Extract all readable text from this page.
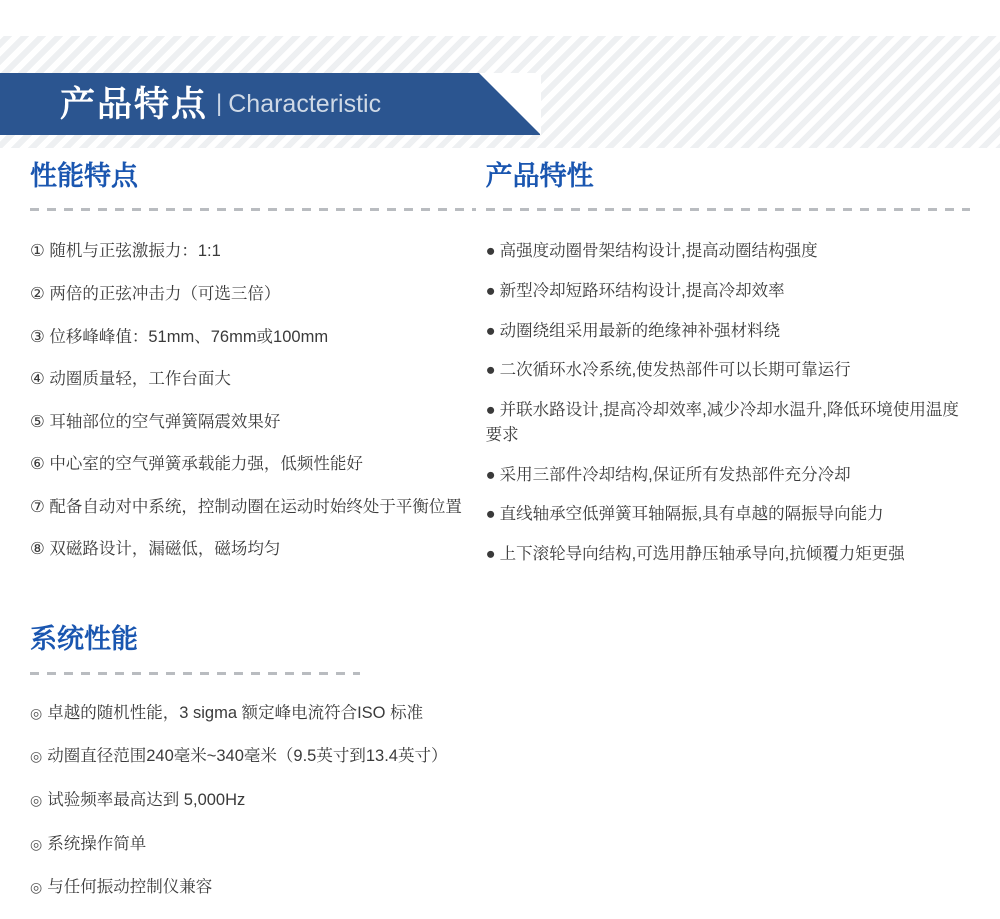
产品特点 | Characteristic
性能特点
① 随机与正弦激振力：1:1
② 两倍的正弦冲击力（可选三倍）
③ 位移峰峰值：51mm、76mm或100mm
④ 动圈质量轻，工作台面大
⑤ 耳轴部位的空气弹簧隔震效果好
⑥ 中心室的空气弹簧承载能力强，低频性能好
⑦ 配备自动对中系统，控制动圈在运动时始终处于平衡位置
⑧ 双磁路设计，漏磁低，磁场均匀
产品特性
● 高强度动圈骨架结构设计,提高动圈结构强度
● 新型冷却短路环结构设计,提高冷却效率
● 动圈绕组采用最新的绝缘神补强材料绕
● 二次循环水冷系统,使发热部件可以长期可靠运行
● 并联水路设计,提高冷却效率,减少冷却水温升,降低环境使用温度要求
● 采用三部件冷却结构,保证所有发热部件充分冷却
● 直线轴承空低弹簧耳轴隔振,具有卓越的隔振导向能力
● 上下滚轮导向结构,可选用静压轴承导向,抗倾覆力矩更强
系统性能
◎ 卓越的随机性能，3 sigma 额定峰电流符合ISO 标准
◎ 动圈直径范围240毫米~340毫米（9.5英寸到13.4英寸）
◎ 试验频率最高达到 5,000Hz
◎ 系统操作简单
◎ 与任何振动控制仪兼容
